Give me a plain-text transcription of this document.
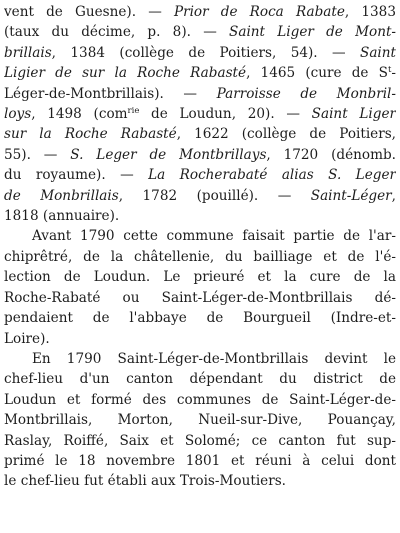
vent de Guesne). — Prior de Roca Rabate, 1383
(taux du décime, p. 8). — Saint Liger de Mont-
brillais, 1384 (collège de Poitiers, 54). — Saint
Ligier de sur la Roche Rabasté, 1465 (cure de $S^t-$
Léger-de-Montbrillais). — Parroisse de Monbril-
loys, 1498 (com$^{rie}$ de Loudun, 20). — Saint Liger
sur la Roche Rabasté, 1622 (collège de Poitiers,
55). — S. Leger de Montbrillays, 1720 (dénomb.
du royaume). — La Rocherabaté alias S. Leger
de Monbrillais, 1782 (pouillé). — Saint-Léger,
1818 (annuaire).
Avant 1790 cette commune faisait partie de l'ar-
chiprêtré, de la châtellenie, du bailliage et de l'é-
lection de Loudun. Le prieuré et la cure de la
Roche-Rabaté ou Saint-Léger-de-Montbrillais dé-
pendaient de l'abbaye de Bourgueil (Indre-et-
Loire).
En 1790 Saint-Léger-de-Montbrillais devint le
chef-lieu d'un canton dépendant du district de
Loudun et formé des communes de Saint-Léger-de-
Montbrillais, Morton, Nueil-sur-Dive, Pouançay,
Raslay, Roiffé, Saix et Solomé; ce canton fut sup-
primé le 18 novembre 1801 et réuni à celui dont
le chef-lieu fut établi aux Trois-Moutiers.
